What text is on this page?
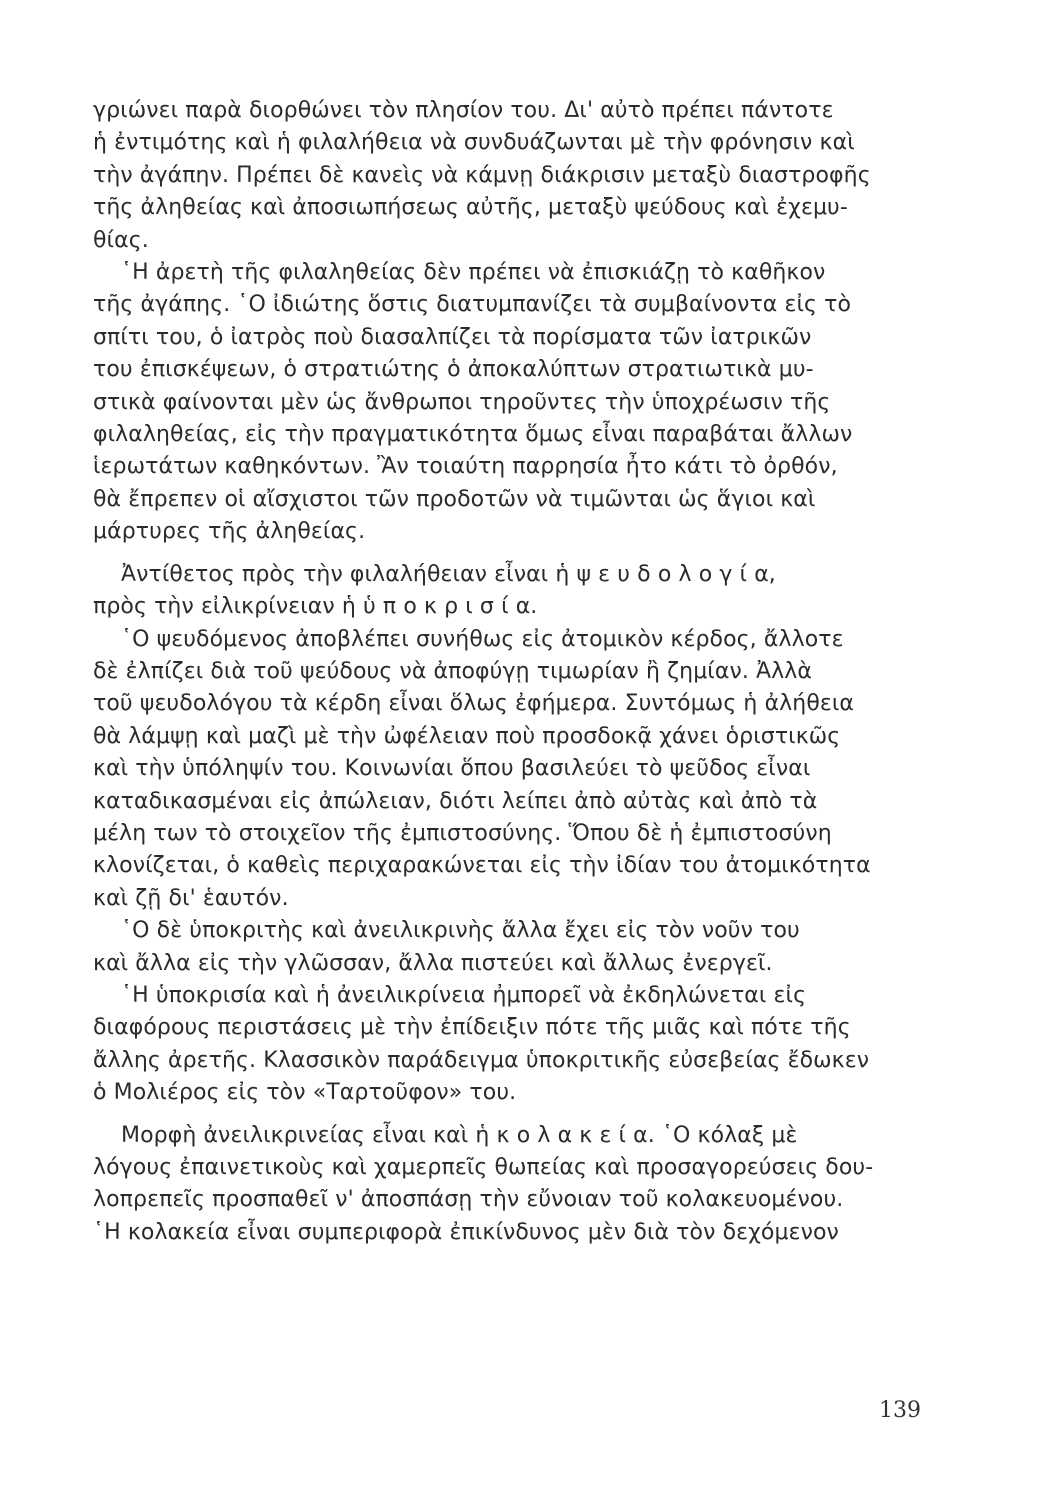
γριώνει παρὰ διορθώνει τὸν πλησίον του. Δι' αὐτὸ πρέπει πάντοτε
ἡ ἐντιμότης καὶ ἡ φιλαλήθεια νὰ συνδυάζωνται μὲ τὴν φρόνησιν καὶ
τὴν ἀγάπην. Πρέπει δὲ κανεὶς νὰ κάμνῃ διάκρισιν μεταξὺ διαστροφῆς
τῆς ἀληθείας καὶ ἀποσιωπήσεως αὐτῆς, μεταξὺ ψεύδους καὶ ἐχεμυ-
θίας.
῾Η ἀρετὴ τῆς φιλαληθείας δὲν πρέπει νὰ ἐπισκιάζῃ τὸ καθῆκον
τῆς ἀγάπης. ῾Ο ἰδιώτης ὅστις διατυμπανίζει τὰ συμβαίνοντα εἰς τὸ
σπίτι του, ὁ ἰατρὸς ποὺ διασαλπίζει τὰ πορίσματα τῶν ἰατρικῶν
του ἐπισκέψεων, ὁ στρατιώτης ὁ ἀποκαλύπτων στρατιωτικὰ μυ-
στικὰ φαίνονται μὲν ὡς ἄνθρωποι τηροῦντες τὴν ὑποχρέωσιν τῆς
φιλαληθείας, εἰς τὴν πραγματικότητα ὅμως εἶναι παραβάται ἄλλων
ἱερωτάτων καθηκόντων. Ἂν τοιαύτη παρρησία ἦτο κάτι τὸ ὀρθόν,
θὰ ἔπρεπεν οἱ αἴσχιστοι τῶν προδοτῶν νὰ τιμῶνται ὡς ἅγιοι καὶ
μάρτυρες τῆς ἀληθείας.
Ἀντίθετος πρὸς τὴν φιλαλήθειαν εἶναι ἡ ψ ε υ δ ο λ ο γ ί α,
πρὸς τὴν εἰλικρίνειαν ἡ ὑ π ο κ ρ ι σ ί α.
῾Ο ψευδόμενος ἀποβλέπει συνήθως εἰς ἀτομικὸν κέρδος, ἄλλοτε
δὲ ἐλπίζει διὰ τοῦ ψεύδους νὰ ἀποφύγῃ τιμωρίαν ἢ ζημίαν. Ἀλλὰ
τοῦ ψευδολόγου τὰ κέρδη εἶναι ὅλως ἐφήμερα. Συντόμως ἡ ἀλήθεια
θὰ λάμψῃ καὶ μαζὶ μὲ τὴν ὠφέλειαν ποὺ προσδοκᾷ χάνει ὁριστικῶς
καὶ τὴν ὑπόληψίν του. Κοινωνίαι ὅπου βασιλεύει τὸ ψεῦδος εἶναι
καταδικασμέναι εἰς ἀπώλειαν, διότι λείπει ἀπὸ αὐτὰς καὶ ἀπὸ τὰ
μέλη των τὸ στοιχεῖον τῆς ἐμπιστοσύνης. Ὅπου δὲ ἡ ἐμπιστοσύνη
κλονίζεται, ὁ καθεὶς περιχαρακώνεται εἰς τὴν ἰδίαν του ἀτομικότητα
καὶ ζῇ δι' ἑαυτόν.
῾Ο δὲ ὑποκριτὴς καὶ ἀνειλικρινὴς ἄλλα ἔχει εἰς τὸν νοῦν του
καὶ ἄλλα εἰς τὴν γλῶσσαν, ἄλλα πιστεύει καὶ ἄλλως ἐνεργεῖ.
῾Η ὑποκρισία καὶ ἡ ἀνειλικρίνεια ἠμπορεῖ νὰ ἐκδηλώνεται εἰς
διαφόρους περιστάσεις μὲ τὴν ἐπίδειξιν πότε τῆς μιᾶς καὶ πότε τῆς
ἄλλης ἀρετῆς. Κλασσικὸν παράδειγμα ὑποκριτικῆς εὐσεβείας ἔδωκεν
ὁ Μολιέρος εἰς τὸν «Ταρτοῦφον» του.
Μορφὴ ἀνειλικρινείας εἶναι καὶ ἡ κ ο λ α κ ε ί α. ῾Ο κόλαξ μὲ
λόγους ἐπαινετικοὺς καὶ χαμερπεῖς θωπείας καὶ προσαγορεύσεις δου-
λοπρεπεῖς προσπαθεῖ ν' ἀποσπάσῃ τὴν εὔνοιαν τοῦ κολακευομένου.
῾Η κολακεία εἶναι συμπεριφορὰ ἐπικίνδυνος μὲν διὰ τὸν δεχόμενον
139
